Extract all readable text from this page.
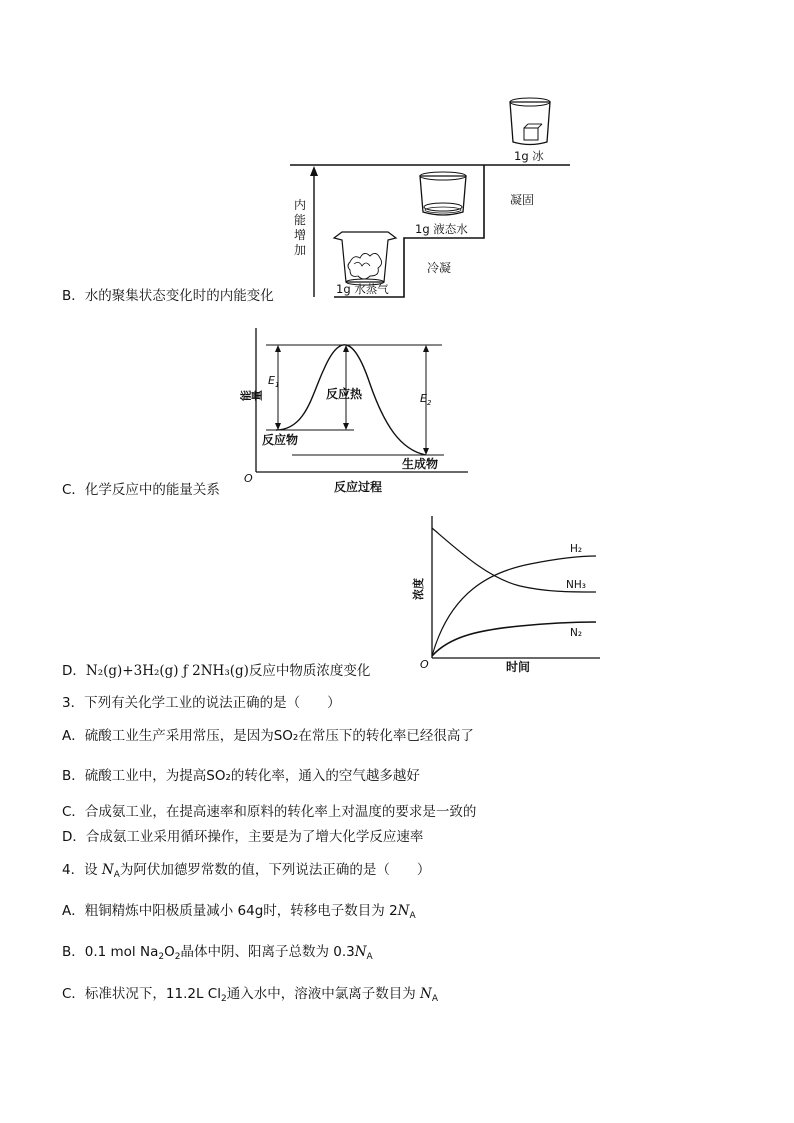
内
能
增
加
1g 水蒸气
1g 液态水
1g 冰
凝固
冷凝
B．水的聚集状态变化时的内能变化
能量
O
反应过程
$E_1$
反应热	$E_2$
反应物
生成物
C．化学反应中的能量关系
浓度
O	时间
H₂
NH₃
N₂
D．N₂(g)+3H₂(g) ƒ 2NH₃(g)反应中物质浓度变化
3．下列有关化学工业的说法正确的是（　　）
A．硫酸工业生产采用常压，是因为SO₂在常压下的转化率已经很高了
B．硫酸工业中，为提高SO₂的转化率，通入的空气越多越好
C．合成氨工业，在提高速率和原料的转化率上对温度的要求是一致的
D．合成氨工业采用循环操作，主要是为了增大化学反应速率
4．设 $N_A$为阿伏加德罗常数的值，下列说法正确的是（　　）
A．粗铜精炼中阳极质量减小 64g时，转移电子数目为 $2N_A$
B．0.1 mol $Na_2O_2$晶体中阴、阳离子总数为 $0.3N_A$
C．标准状况下，11.2L $Cl_2$通入水中，溶液中氯离子数目为 $N_A$
